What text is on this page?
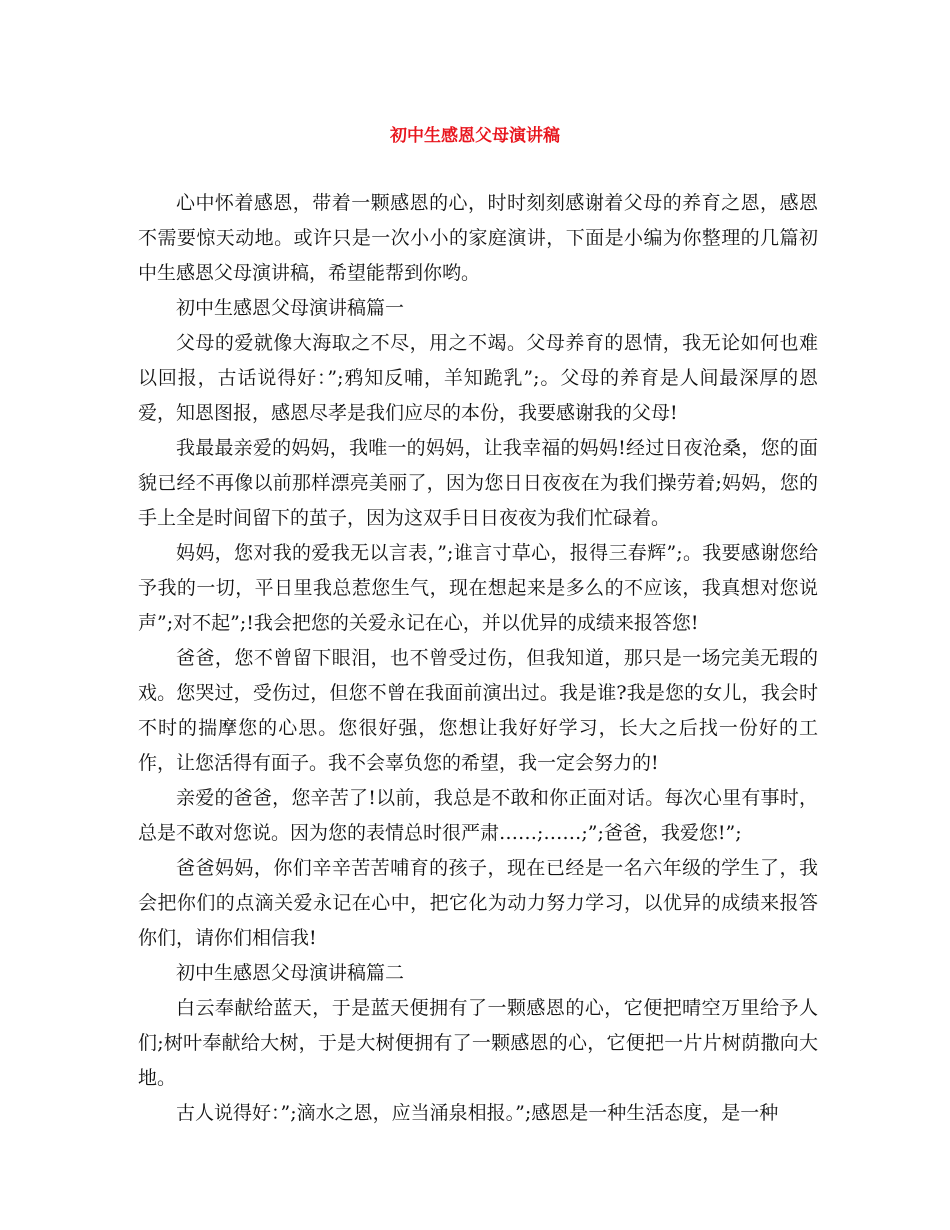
初中生感恩父母演讲稿

心中怀着感恩，带着一颗感恩的心，时时刻刻感谢着父母的养育之恩，感恩不需要惊天动地。或许只是一次小小的家庭演讲，下面是小编为你整理的几篇初中生感恩父母演讲稿，希望能帮到你哟。

初中生感恩父母演讲稿篇一

父母的爱就像大海取之不尽，用之不竭。父母养育的恩情，我无论如何也难以回报，古话说得好：”;鸦知反哺，羊知跪乳”;。父母的养育是人间最深厚的恩爱，知恩图报，感恩尽孝是我们应尽的本份，我要感谢我的父母!

我最最亲爱的妈妈，我唯一的妈妈，让我幸福的妈妈!经过日夜沧桑，您的面貌已经不再像以前那样漂亮美丽了，因为您日日夜夜在为我们操劳着;妈妈，您的手上全是时间留下的茧子，因为这双手日日夜夜为我们忙碌着。

妈妈，您对我的爱我无以言表，”;谁言寸草心，报得三春辉”;。我要感谢您给予我的一切，平日里我总惹您生气，现在想起来是多么的不应该，我真想对您说声”;对不起”;!我会把您的关爱永记在心，并以优异的成绩来报答您!

爸爸，您不曾留下眼泪，也不曾受过伤，但我知道，那只是一场完美无瑕的戏。您哭过，受伤过，但您不曾在我面前演出过。我是谁?我是您的女儿，我会时不时的揣摩您的心思。您很好强，您想让我好好学习，长大之后找一份好的工作，让您活得有面子。我不会辜负您的希望，我一定会努力的!

亲爱的爸爸，您辛苦了!以前，我总是不敢和你正面对话。每次心里有事时，总是不敢对您说。因为您的表情总时很严肃……;……;”;爸爸，我爱您!”;

爸爸妈妈，你们辛辛苦苦哺育的孩子，现在已经是一名六年级的学生了，我会把你们的点滴关爱永记在心中，把它化为动力努力学习，以优异的成绩来报答你们，请你们相信我!

初中生感恩父母演讲稿篇二

白云奉献给蓝天，于是蓝天便拥有了一颗感恩的心，它便把晴空万里给予人们;树叶奉献给大树，于是大树便拥有了一颗感恩的心，它便把一片片树荫撒向大地。

古人说得好：”;滴水之恩，应当涌泉相报。”;感恩是一种生活态度，是一种
